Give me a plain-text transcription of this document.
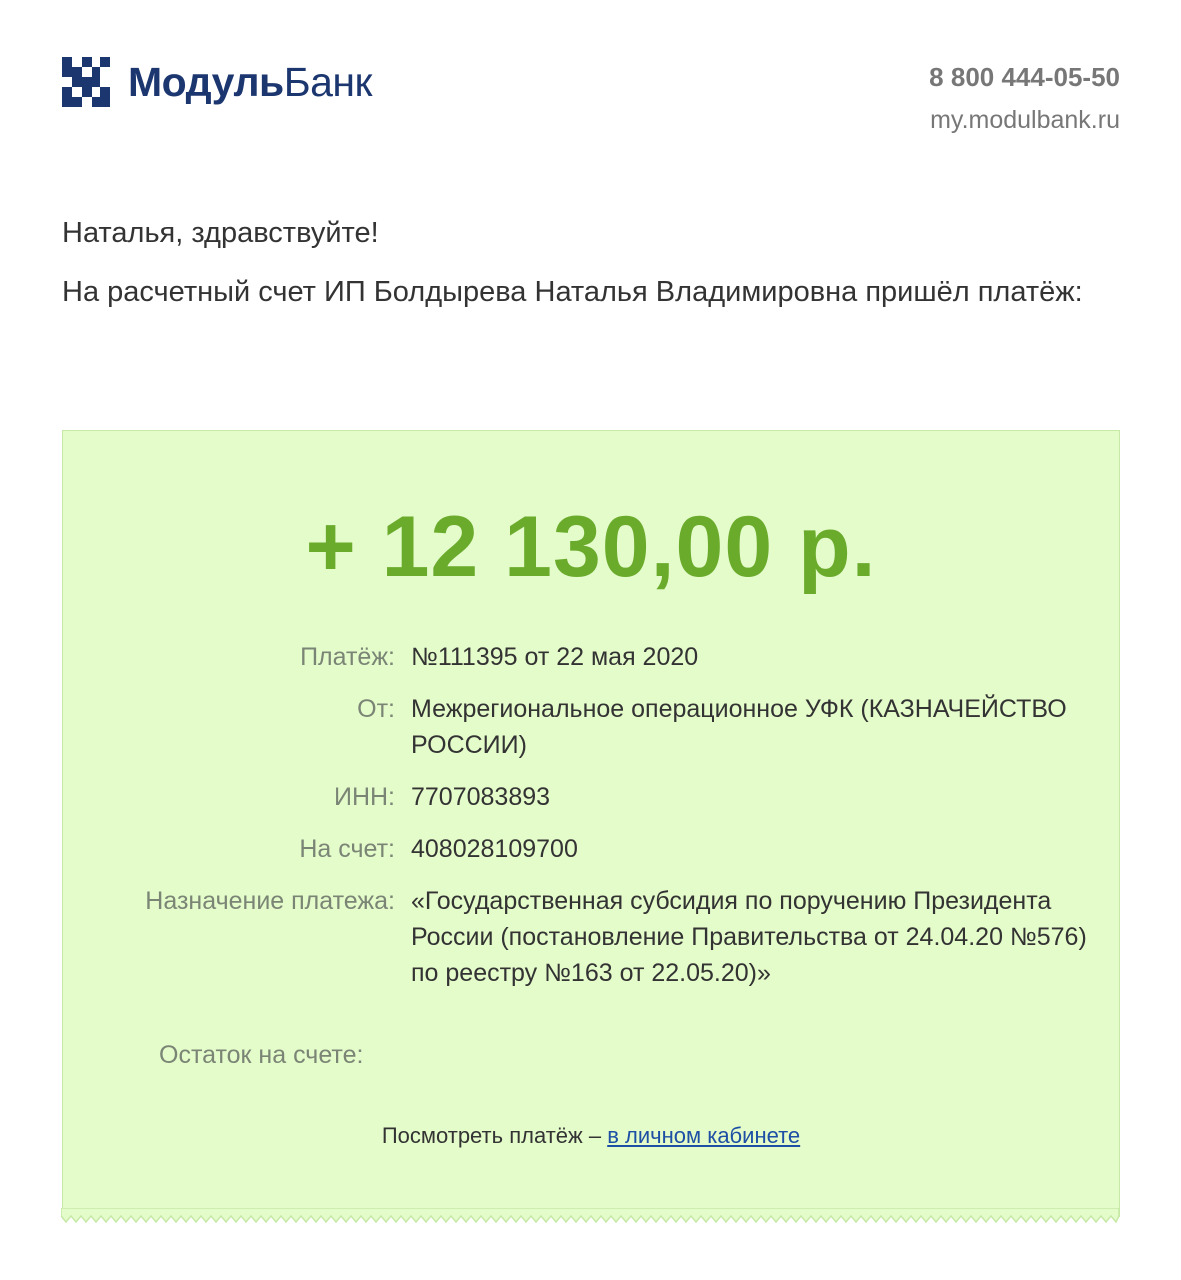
МодульБанк	8 800 444-05-50
my.modulbank.ru
Наталья, здравствуйте!
На расчетный счет ИП Болдырева Наталья Владимировна пришёл платёж:
+ 12 130,00 р.
Платёж: №111395 от 22 мая 2020
От: Межрегиональное операционное УФК (КАЗНАЧЕЙСТВО РОССИИ)
ИНН: 7707083893
На счет: 408028109700
Назначение платежа: «Государственная субсидия по поручению Президента России (постановление Правительства от 24.04.20 №576) по реестру №163 от 22.05.20)»
Остаток на счете:
Посмотреть платёж – в личном кабинете
